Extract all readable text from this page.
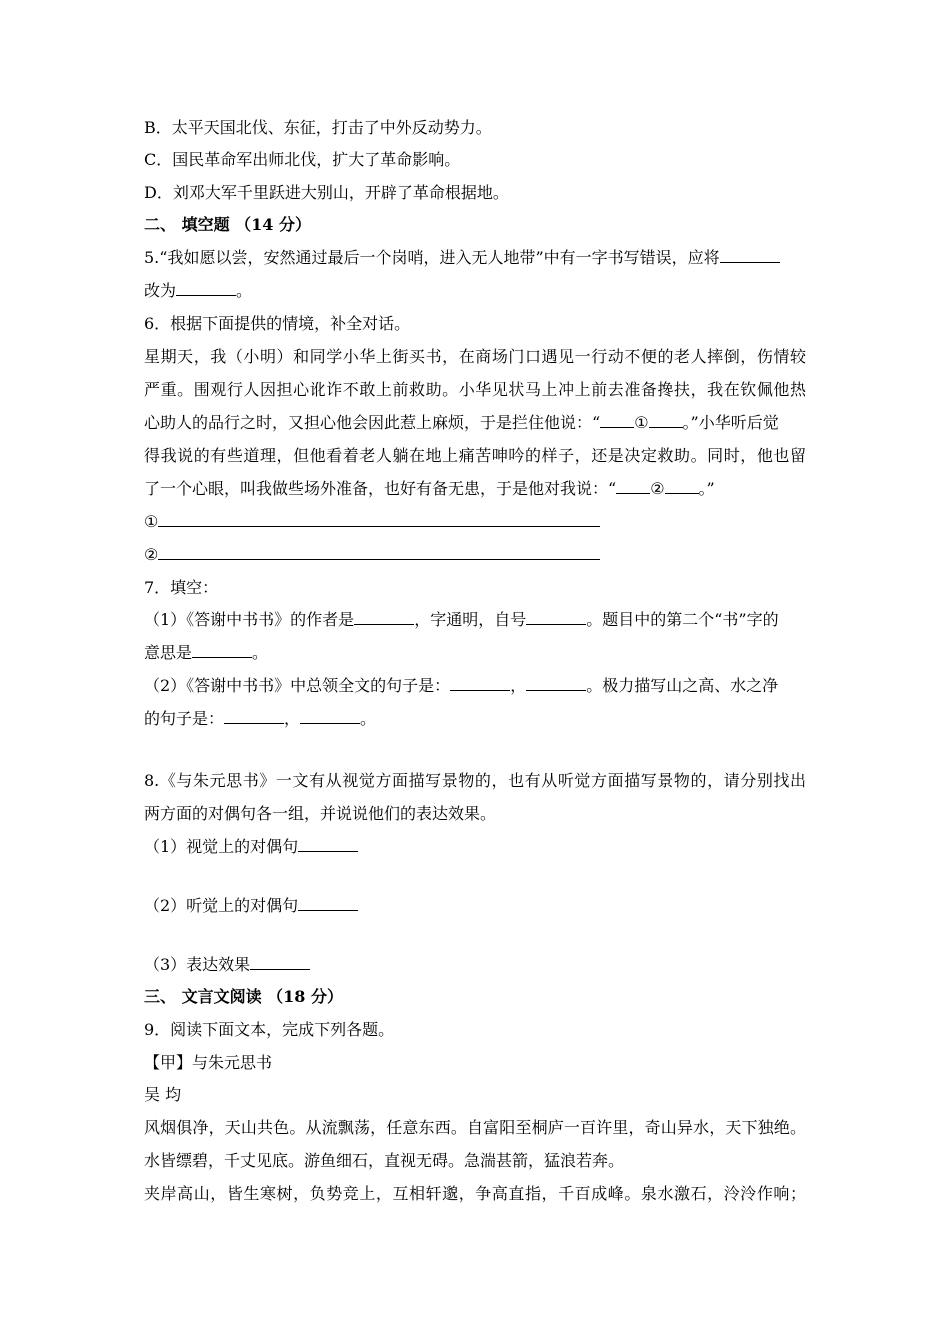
B．太平天国北伐、东征，打击了中外反动势力。
C．国民革命军出师北伐，扩大了革命影响。
D．刘邓大军千里跃进大别山，开辟了革命根据地。
二、 填空题 （14 分）
5.“我如愿以尝，安然通过最后一个岗哨，进入无人地带”中有一字书写错误，应将
改为	。
6．根据下面提供的情境，补全对话。
星期天，我（小明）和同学小华上街买书，在商场门口遇见一行动不便的老人摔倒，伤情较
严重。围观行人因担心讹诈不敢上前救助。小华见状马上冲上前去准备搀扶，我在钦佩他热
心助人的品行之时，又担心他会因此惹上麻烦，于是拦住他说：“ ① 。”小华听后觉
得我说的有些道理，但他看着老人躺在地上痛苦呻吟的样子，还是决定救助。同时，他也留
了一个心眼，叫我做些场外准备，也好有备无患，于是他对我说：“ ② 。”
①
②
7．填空：
（1）《答谢中书书》的作者是	，字通明，自号	。题目中的第二个“书”字的
意思是	。
（2）《答谢中书书》中总领全文的句子是：	，	。极力描写山之高、水之净
的句子是：	，	。
8.《与朱元思书》一文有从视觉方面描写景物的，也有从听觉方面描写景物的，请分别找出
两方面的对偶句各一组，并说说他们的表达效果。
（1）视觉上的对偶句
（2）听觉上的对偶句
（3）表达效果
三、 文言文阅读 （18 分）
9．阅读下面文本，完成下列各题。
【甲】与朱元思书
吴 均
风烟俱净，天山共色。从流飘荡，任意东西。自富阳至桐庐一百许里，奇山异水，天下独绝。
水皆缥碧，千丈见底。游鱼细石，直视无碍。急湍甚箭，猛浪若奔。
夹岸高山，皆生寒树，负势竞上，互相轩邈，争高直指，千百成峰。泉水激石，泠泠作响；
